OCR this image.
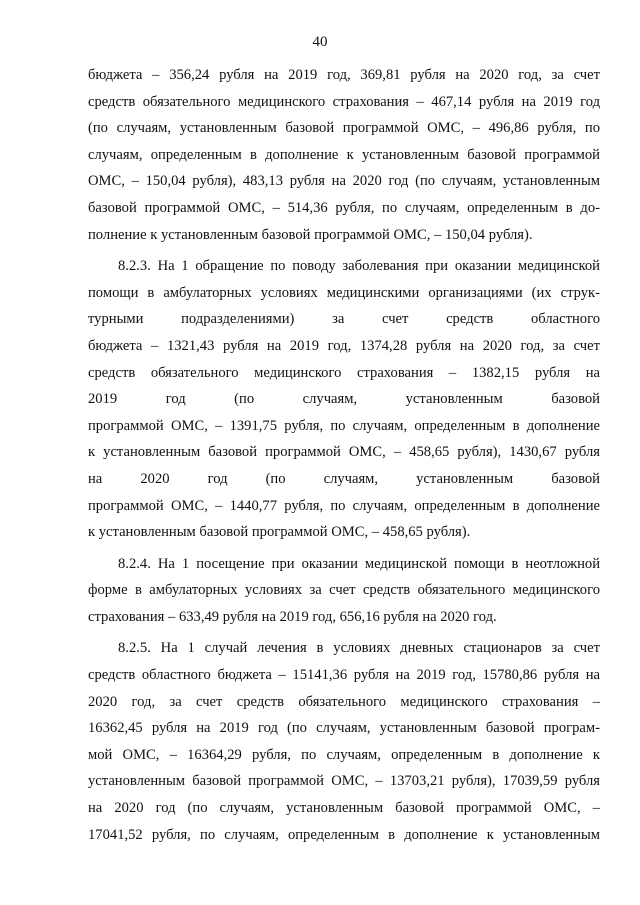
40
бюджета – 356,24 рубля на 2019 год, 369,81 рубля на 2020 год, за счет
средств обязательного медицинского страхования – 467,14 рубля на 2019 год
(по случаям, установленным базовой программой ОМС, – 496,86 рубля, по
случаям, определенным в дополнение к установленным базовой программой
ОМС, – 150,04 рубля), 483,13 рубля на 2020 год (по случаям, установленным
базовой программой ОМС, – 514,36 рубля, по случаям, определенным в до-
полнение к установленным базовой программой ОМС, – 150,04 рубля).
8.2.3. На 1 обращение по поводу заболевания при оказании медицинской
помощи в амбулаторных условиях медицинскими организациями (их струк-
турными подразделениями) за счет средств областного
бюджета – 1321,43 рубля на 2019 год, 1374,28 рубля на 2020 год, за счет
средств обязательного медицинского страхования – 1382,15 рубля на
2019 год (по случаям, установленным базовой
программой ОМС, – 1391,75 рубля, по случаям, определенным в дополнение
к установленным базовой программой ОМС, – 458,65 рубля), 1430,67 рубля
на 2020 год (по случаям, установленным базовой
программой ОМС, – 1440,77 рубля, по случаям, определенным в дополнение
к установленным базовой программой ОМС, – 458,65 рубля).
8.2.4. На 1 посещение при оказании медицинской помощи в неотложной
форме в амбулаторных условиях за счет средств обязательного медицинского
страхования – 633,49 рубля на 2019 год, 656,16 рубля на 2020 год.
8.2.5. На 1 случай лечения в условиях дневных стационаров за счет
средств областного бюджета – 15141,36 рубля на 2019 год, 15780,86 рубля на
2020 год, за счет средств обязательного медицинского страхования –
16362,45 рубля на 2019 год (по случаям, установленным базовой програм-
мой ОМС, – 16364,29 рубля, по случаям, определенным в дополнение к
установленным базовой программой ОМС, – 13703,21 рубля), 17039,59 рубля
на 2020 год (по случаям, установленным базовой программой ОМС, –
17041,52 рубля, по случаям, определенным в дополнение к установленным
